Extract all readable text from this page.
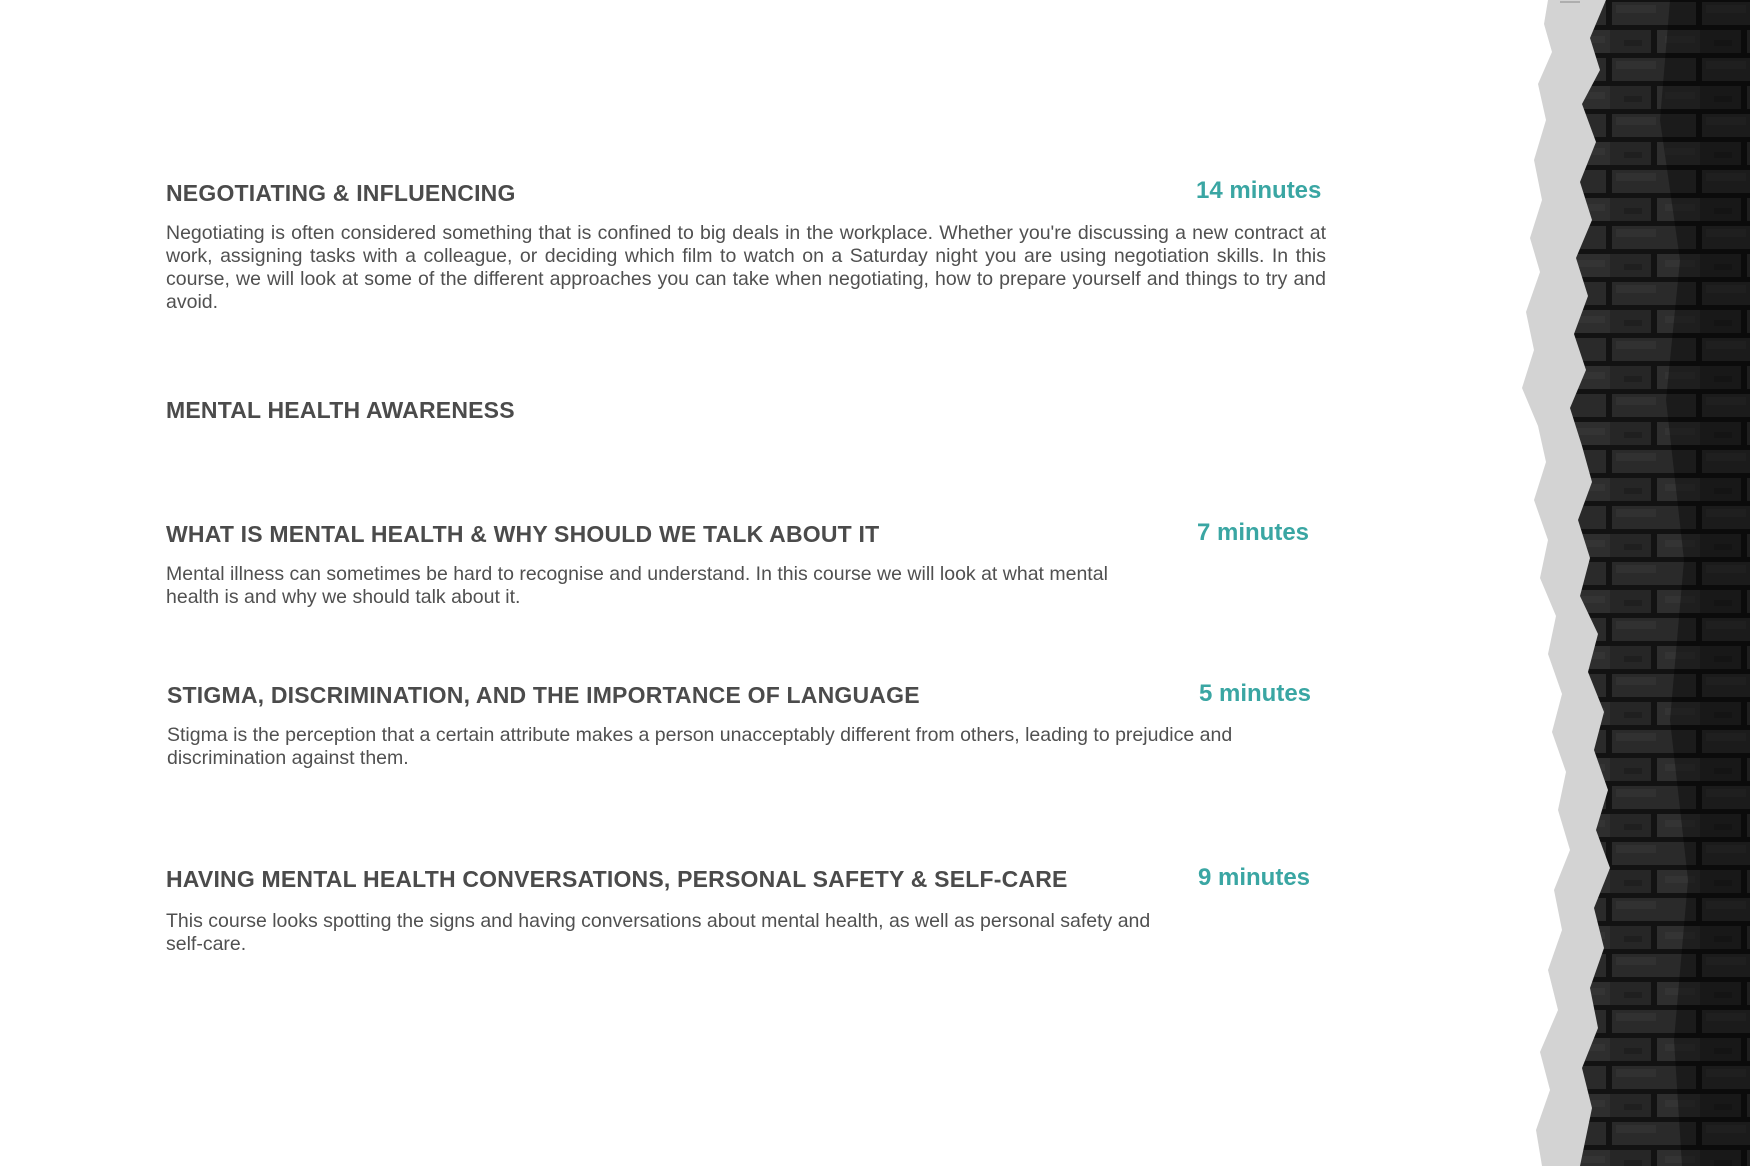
NEGOTIATING & INFLUENCING	14 minutes

Negotiating is often considered something that is confined to big deals in the workplace. Whether you're discussing a new contract at work, assigning tasks with a colleague, or deciding which film to watch on a Saturday night you are using negotiation skills. In this course, we will look at some of the different approaches you can take when negotiating, how to prepare yourself and things to try and avoid.

MENTAL HEALTH AWARENESS
WHAT IS MENTAL HEALTH & WHY SHOULD WE TALK ABOUT IT	7 minutes

Mental illness can sometimes be hard to recognise and understand. In this course we will look at what mental health is and why we should talk about it.

STIGMA, DISCRIMINATION, AND THE IMPORTANCE OF LANGUAGE	5 minutes

Stigma is the perception that a certain attribute makes a person unacceptably different from others, leading to prejudice and discrimination against them.

HAVING MENTAL HEALTH CONVERSATIONS, PERSONAL SAFETY & SELF-CARE	9 minutes

This course looks spotting the signs and having conversations about mental health, as well as personal safety and self-care.
